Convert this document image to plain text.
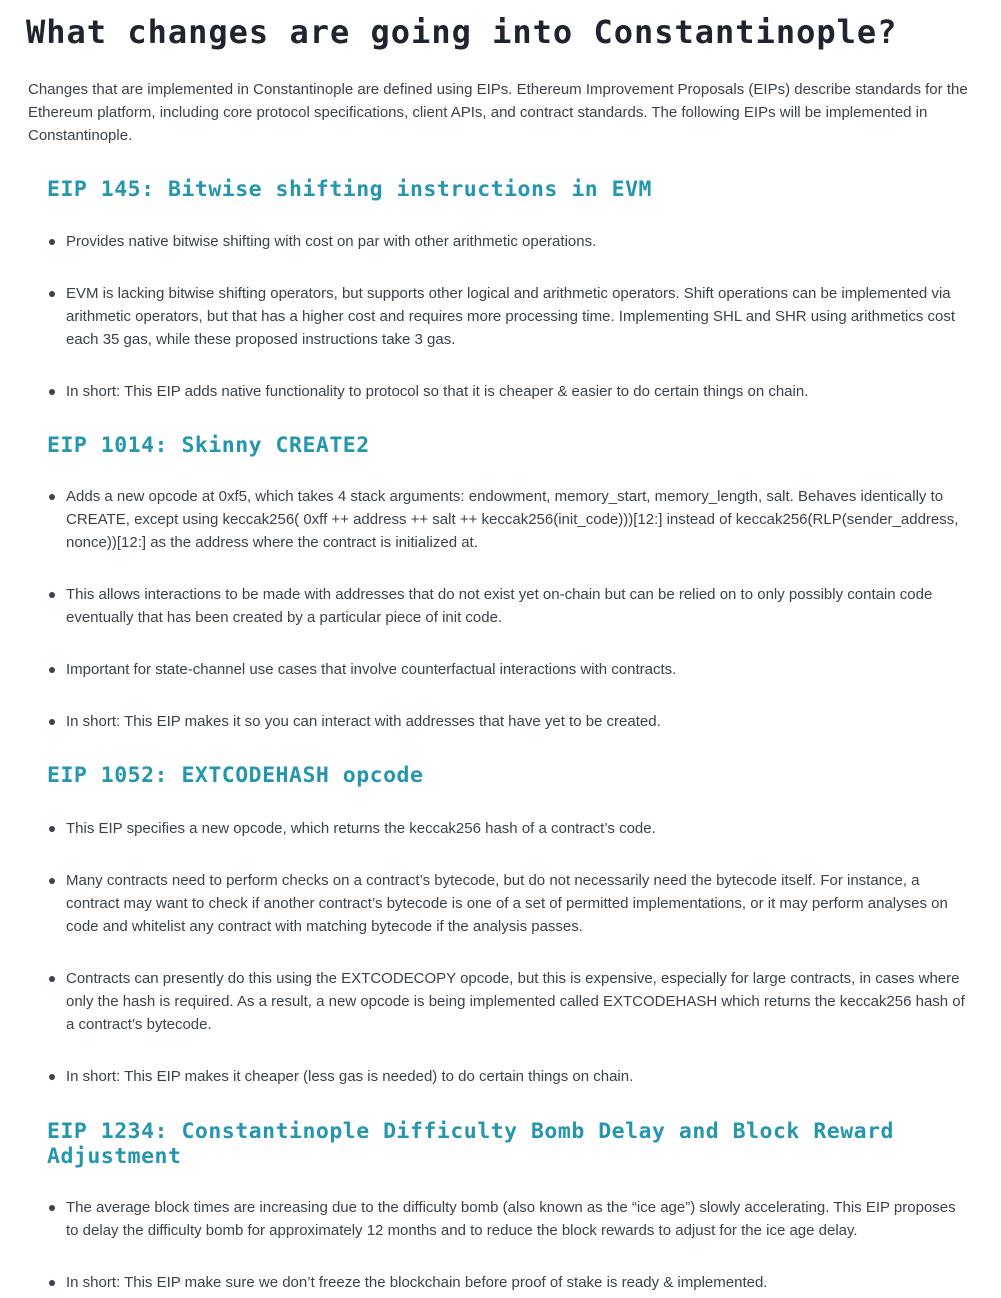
What changes are going into Constantinople?

Changes that are implemented in Constantinople are defined using EIPs. Ethereum Improvement Proposals (EIPs) describe standards for the Ethereum platform, including core protocol specifications, client APIs, and contract standards. The following EIPs will be implemented in Constantinople.

EIP 145: Bitwise shifting instructions in EVM

Provides native bitwise shifting with cost on par with other arithmetic operations.

EVM is lacking bitwise shifting operators, but supports other logical and arithmetic operators. Shift operations can be implemented via arithmetic operators, but that has a higher cost and requires more processing time. Implementing SHL and SHR using arithmetics cost each 35 gas, while these proposed instructions take 3 gas.

In short: This EIP adds native functionality to protocol so that it is cheaper & easier to do certain things on chain.

EIP 1014: Skinny CREATE2

Adds a new opcode at 0xf5, which takes 4 stack arguments: endowment, memory_start, memory_length, salt. Behaves identically to CREATE, except using keccak256( 0xff ++ address ++ salt ++ keccak256(init_code)))[12:] instead of keccak256(RLP(sender_address, nonce))[12:] as the address where the contract is initialized at.

This allows interactions to be made with addresses that do not exist yet on-chain but can be relied on to only possibly contain code eventually that has been created by a particular piece of init code.

Important for state-channel use cases that involve counterfactual interactions with contracts.

In short: This EIP makes it so you can interact with addresses that have yet to be created.

EIP 1052: EXTCODEHASH opcode

This EIP specifies a new opcode, which returns the keccak256 hash of a contract’s code.

Many contracts need to perform checks on a contract’s bytecode, but do not necessarily need the bytecode itself. For instance, a contract may want to check if another contract’s bytecode is one of a set of permitted implementations, or it may perform analyses on code and whitelist any contract with matching bytecode if the analysis passes.

Contracts can presently do this using the EXTCODECOPY opcode, but this is expensive, especially for large contracts, in cases where only the hash is required. As a result, a new opcode is being implemented called EXTCODEHASH which returns the keccak256 hash of a contract’s bytecode.

In short: This EIP makes it cheaper (less gas is needed) to do certain things on chain.

EIP 1234: Constantinople Difficulty Bomb Delay and Block Reward Adjustment

The average block times are increasing due to the difficulty bomb (also known as the “ice age”) slowly accelerating. This EIP proposes to delay the difficulty bomb for approximately 12 months and to reduce the block rewards to adjust for the ice age delay.

In short: This EIP make sure we don’t freeze the blockchain before proof of stake is ready & implemented.
